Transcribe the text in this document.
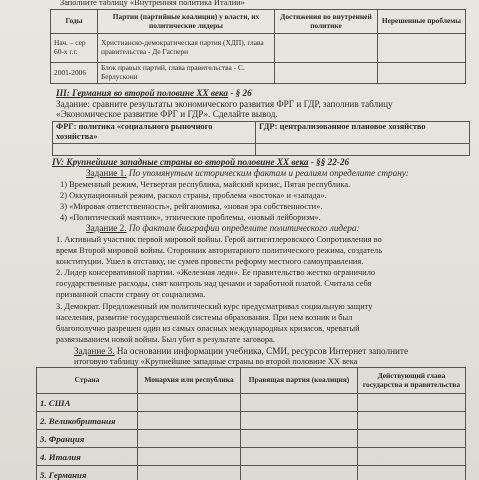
Заполните таблицу «Внутренняя политика Италии»
Годы	Партии (партийные коалиции) у власти, их политические лидеры	Достижения во внутренней политике	Нерешенные проблемы
Нач. – сер 60-х г.г.	Христианско-демократическая партия (ХДП), глава правительства - Де Гаспери		
2001-2006	Блок правых партий, глава правительства - С. Берлускони		
III: Германия во второй половине XX века - § 26
Задание: сравните результаты экономического развития ФРГ и ГДР, заполнив таблицу
«Экономическое развитие ФРГ и ГДР». Сделайте вывод.
ФРГ: политика «социального рыночного хозяйства»	ГДР: централизованное плановое хозяйство

IV: Крупнейшие западные страны во второй половине XX века - §§ 22-26
Задание 1. По упомянутым историческим фактам и реалиям определите страну:
1) Временный режим, Четвертая республика, майский кризис, Пятая республика.
2) Оккупационный режим, раскол страны, проблема «востока» и «запада».
3) «Мировая ответственность», рейганомика, «новая эра собственности».
4) «Политический маятник», этнические проблемы, «новый лейборизм».
Задание 2. По фактам биографии определите политического лидера:
1. Активный участник первой мировой войны. Герой антигитлеровского Сопротивления во
время Второй мировой войны. Сторонник авторитарного политического режима, создатель
конституции. Ушел в отставку, не сумев провести реформу местного самоуправления.
2. Лидер консервативной партии. «Железная леди». Ее правительство жестко ограничило
государственные расходы, снят контроль над ценами и заработной платой. Считала себя
призванной спасти страну от социализма.
3. Демократ. Предложенный им политический курс предусматривал социальную защиту
населения, развитие государственной системы образования. При нем возник и был
благополучно разрешен один из самых опасных международных кризисов, чреватый
развязыванием новой войны. Был убит в результате заговора.
Задание 3. На основании информации учебника, СМИ, ресурсов Интернет заполните
итоговую таблицу «Крупнейшие западные страны во второй половине XX века
Страна	Монархия или республика	Правящая партия (коалиция)	Действующий глава государства и правительства
1. США			
2. Великобритания			
3. Франция			
4. Италия			
5. Германия			
